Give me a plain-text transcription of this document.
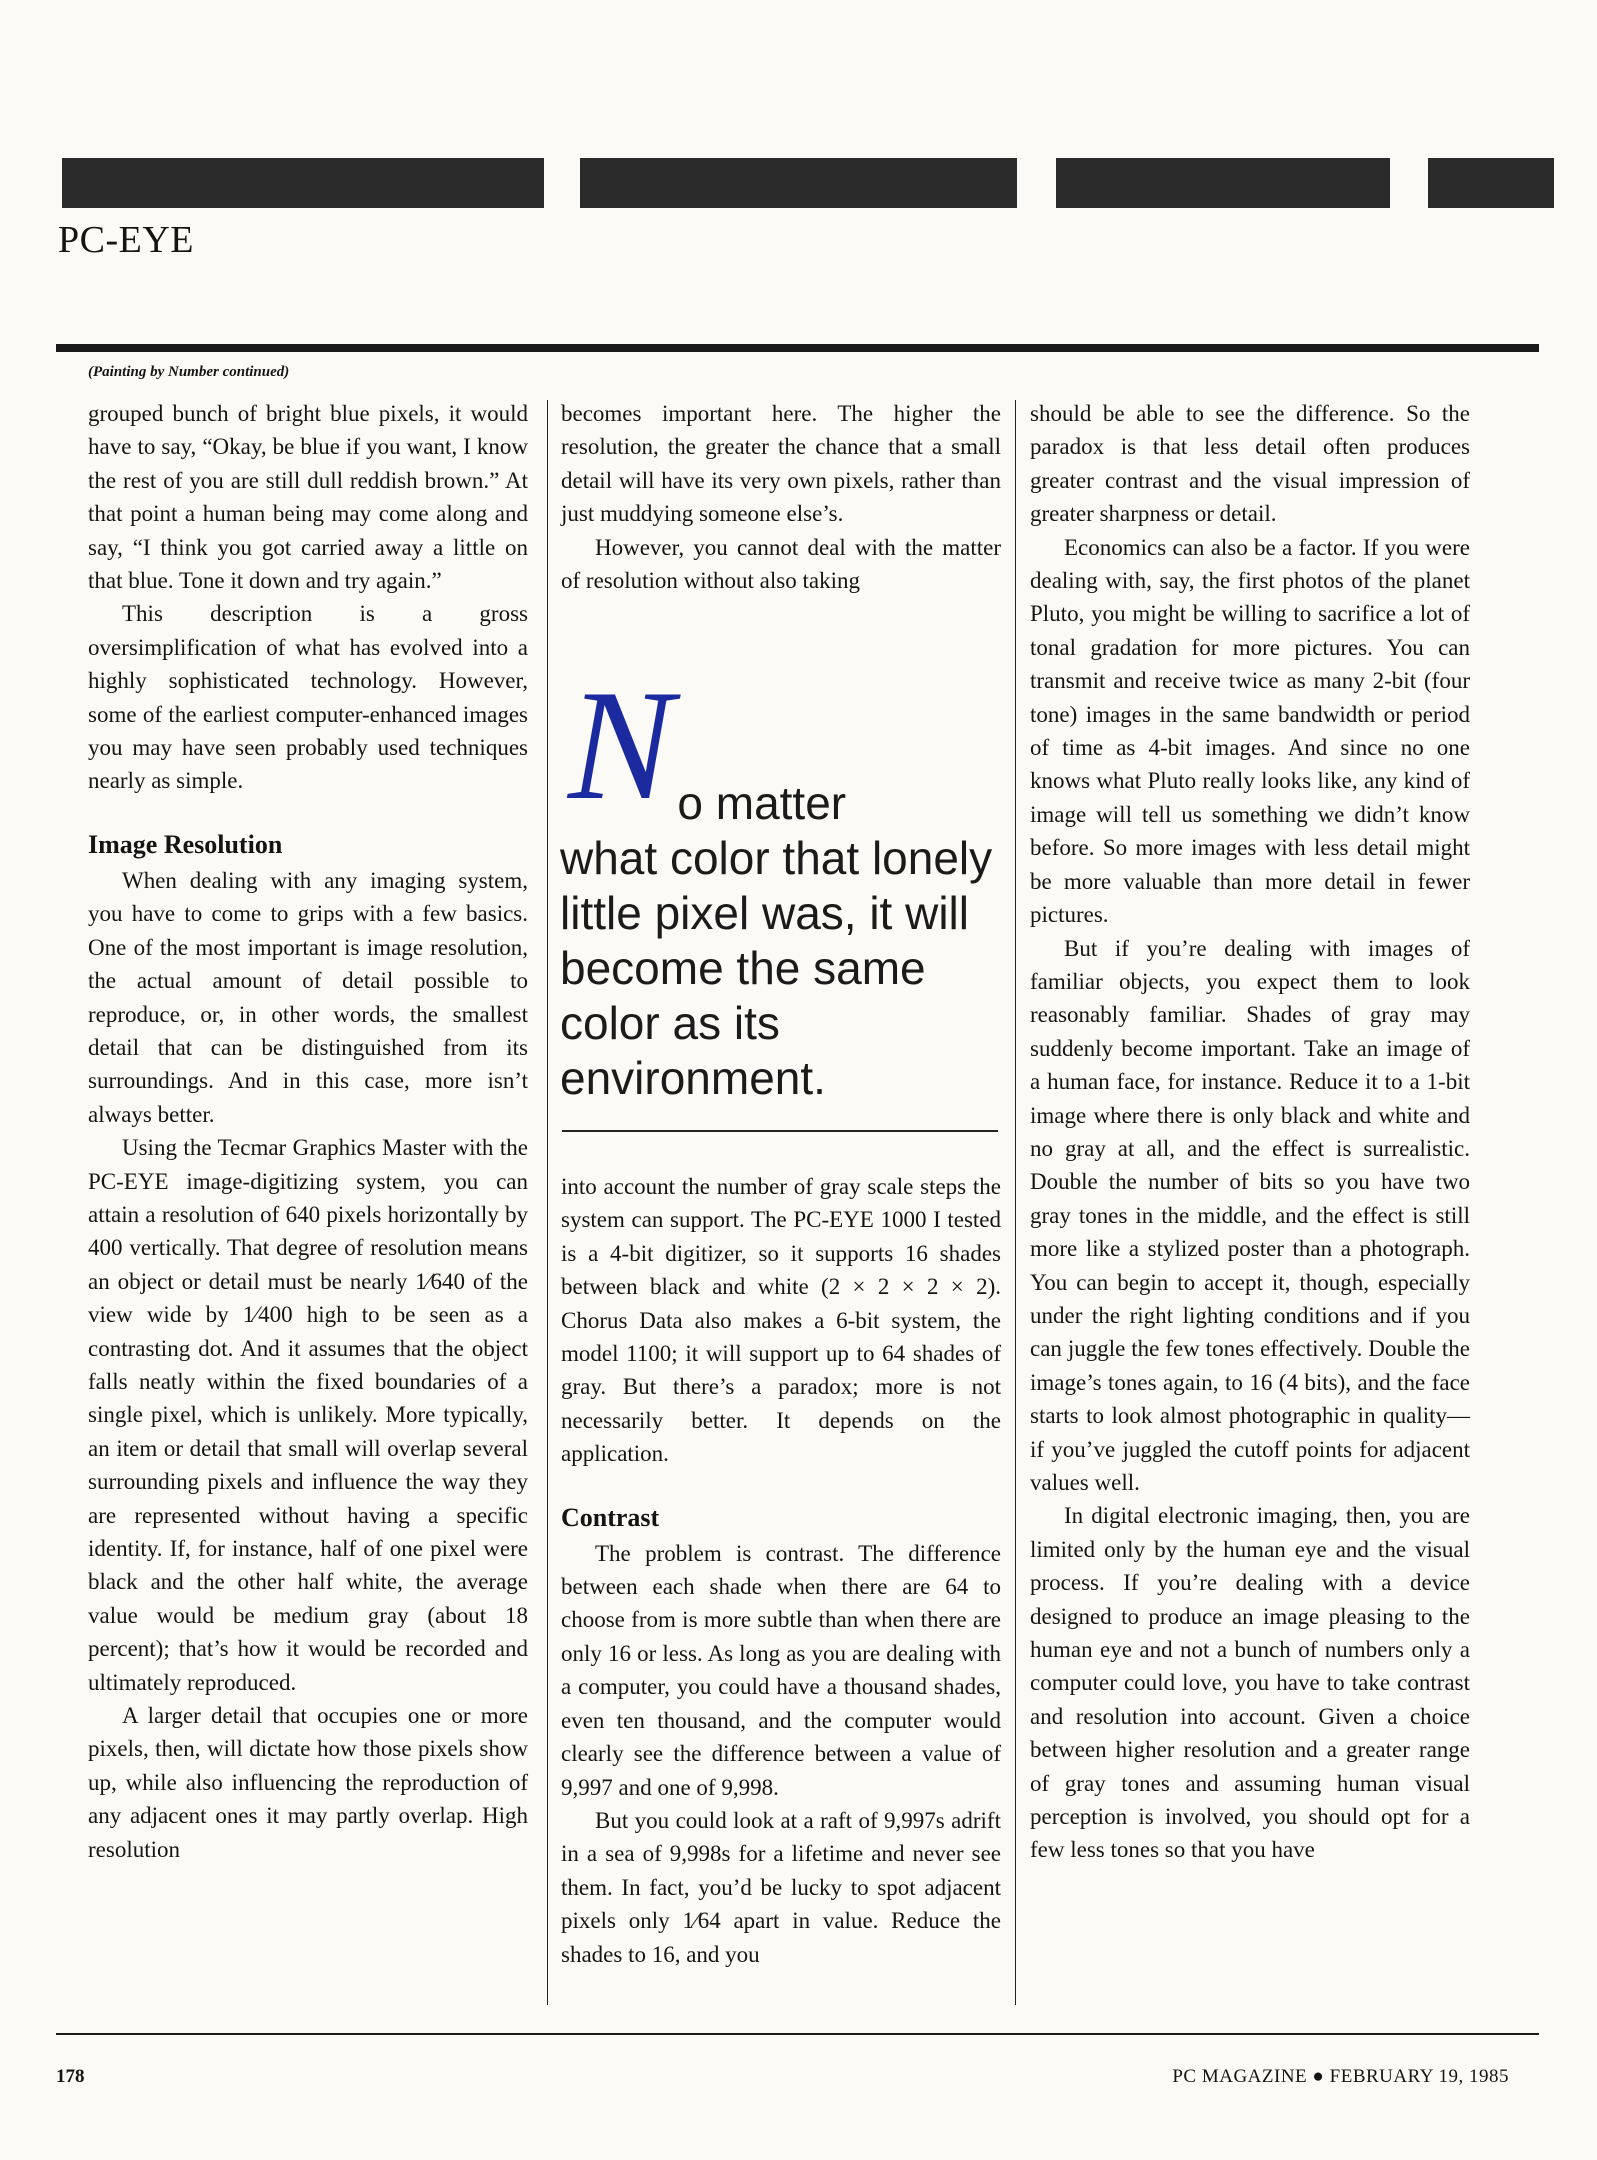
PC-EYE
(Painting by Number continued)

grouped bunch of bright blue pixels, it would have to say, “Okay, be blue if you want, I know the rest of you are still dull reddish brown.” At that point a human being may come along and say, “I think you got carried away a little on that blue. Tone it down and try again.”

This description is a gross oversimplification of what has evolved into a highly sophisticated technology. However, some of the earliest computer-enhanced images you may have seen probably used techniques nearly as simple.

Image Resolution

When dealing with any imaging system, you have to come to grips with a few basics. One of the most important is image resolution, the actual amount of detail possible to reproduce, or, in other words, the smallest detail that can be distinguished from its surroundings. And in this case, more isn’t always better.

Using the Tecmar Graphics Master with the PC-EYE image-digitizing system, you can attain a resolution of 640 pixels horizontally by 400 vertically. That degree of resolution means an object or detail must be nearly 1⁄640 of the view wide by 1⁄400 high to be seen as a contrasting dot. And it assumes that the object falls neatly within the fixed boundaries of a single pixel, which is unlikely. More typically, an item or detail that small will overlap several surrounding pixels and influence the way they are represented without having a specific identity. If, for instance, half of one pixel were black and the other half white, the average value would be medium gray (about 18 percent); that’s how it would be recorded and ultimately reproduced.

A larger detail that occupies one or more pixels, then, will dictate how those pixels show up, while also influencing the reproduction of any adjacent ones it may partly overlap. High resolution

becomes important here. The higher the resolution, the greater the chance that a small detail will have its very own pixels, rather than just muddying someone else’s.

However, you cannot deal with the matter of resolution without also taking

N o matter
what color that lonely little pixel was, it will become the same color as its environment.

into account the number of gray scale steps the system can support. The PC-EYE 1000 I tested is a 4-bit digitizer, so it supports 16 shades between black and white (2 × 2 × 2 × 2). Chorus Data also makes a 6-bit system, the model 1100; it will support up to 64 shades of gray. But there’s a paradox; more is not necessarily better. It depends on the application.

Contrast

The problem is contrast. The difference between each shade when there are 64 to choose from is more subtle than when there are only 16 or less. As long as you are dealing with a computer, you could have a thousand shades, even ten thousand, and the computer would clearly see the difference between a value of 9,997 and one of 9,998.

But you could look at a raft of 9,997s adrift in a sea of 9,998s for a lifetime and never see them. In fact, you’d be lucky to spot adjacent pixels only 1⁄64 apart in value. Reduce the shades to 16, and you

should be able to see the difference. So the paradox is that less detail often produces greater contrast and the visual impression of greater sharpness or detail.

Economics can also be a factor. If you were dealing with, say, the first photos of the planet Pluto, you might be willing to sacrifice a lot of tonal gradation for more pictures. You can transmit and receive twice as many 2-bit (four tone) images in the same bandwidth or period of time as 4-bit images. And since no one knows what Pluto really looks like, any kind of image will tell us something we didn’t know before. So more images with less detail might be more valuable than more detail in fewer pictures.

But if you’re dealing with images of familiar objects, you expect them to look reasonably familiar. Shades of gray may suddenly become important. Take an image of a human face, for instance. Reduce it to a 1-bit image where there is only black and white and no gray at all, and the effect is surrealistic. Double the number of bits so you have two gray tones in the middle, and the effect is still more like a stylized poster than a photograph. You can begin to accept it, though, especially under the right lighting conditions and if you can juggle the few tones effectively. Double the image’s tones again, to 16 (4 bits), and the face starts to look almost photographic in quality—if you’ve juggled the cutoff points for adjacent values well.

In digital electronic imaging, then, you are limited only by the human eye and the visual process. If you’re dealing with a device designed to produce an image pleasing to the human eye and not a bunch of numbers only a computer could love, you have to take contrast and resolution into account. Given a choice between higher resolution and a greater range of gray tones and assuming human visual perception is involved, you should opt for a few less tones so that you have

178	PC MAGAZINE ● FEBRUARY 19, 1985
